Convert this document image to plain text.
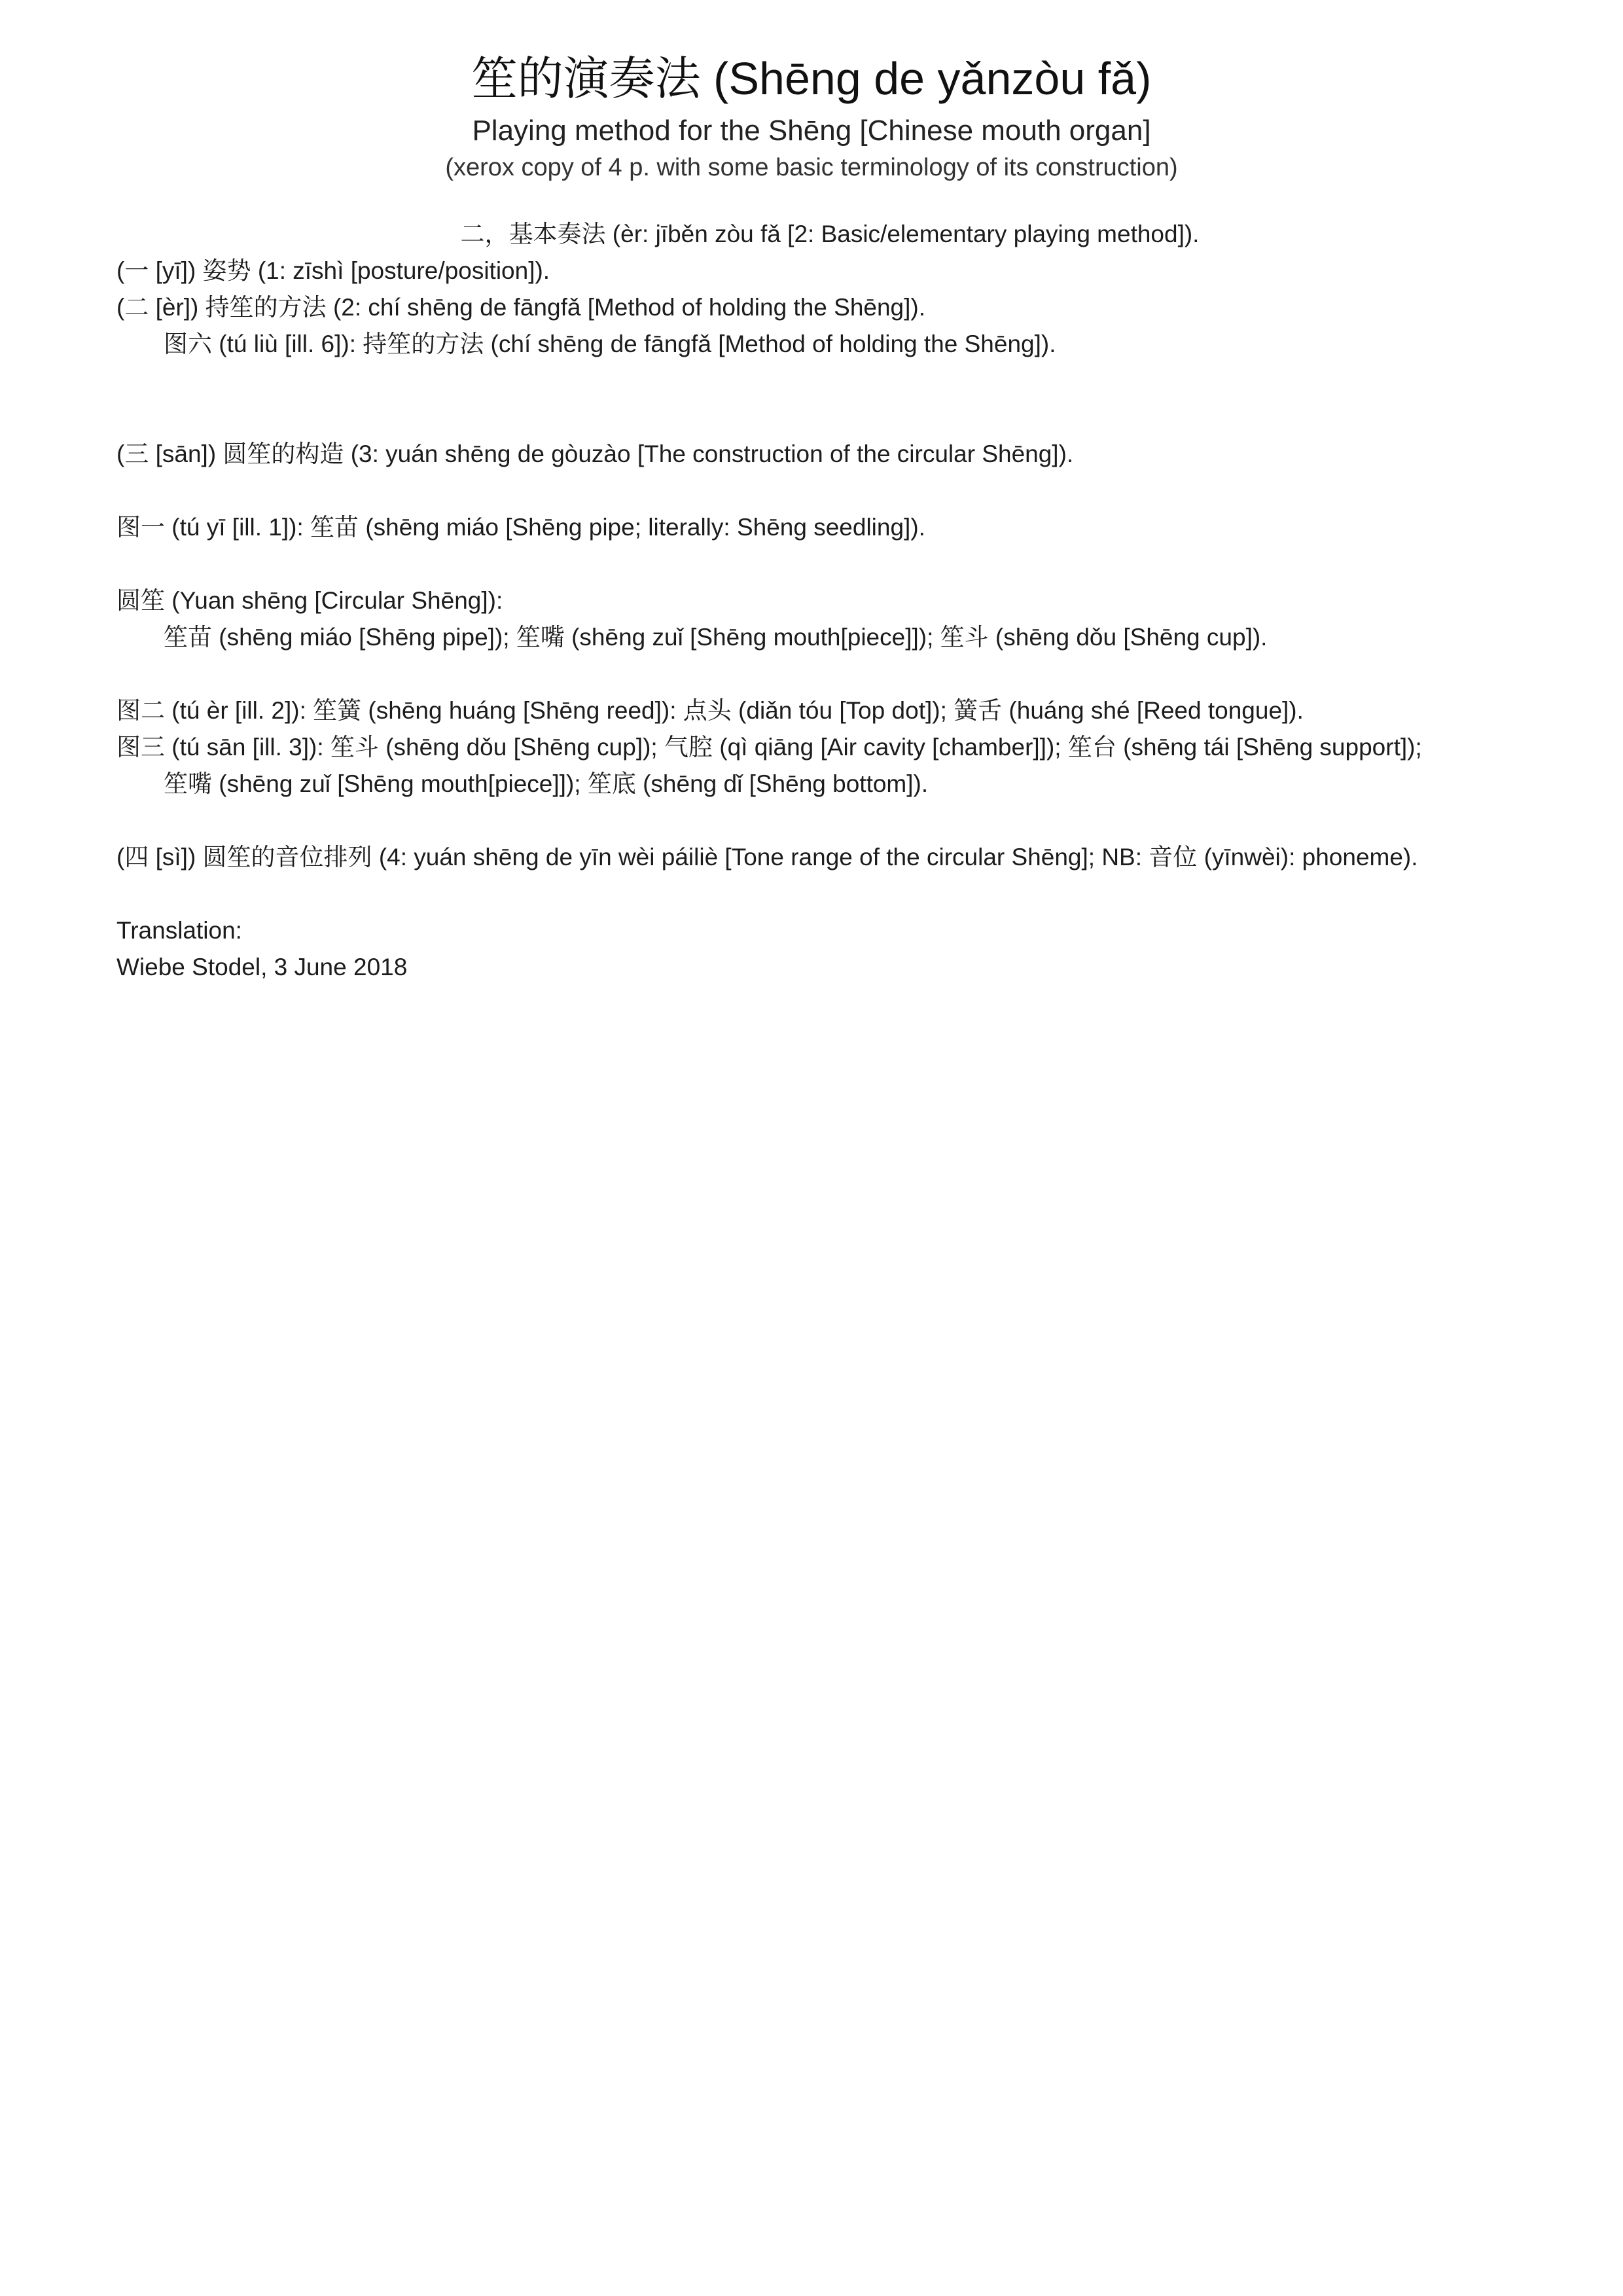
笙的演奏法 (Shēng de yǎnzòu fǎ)
Playing method for the Shēng [Chinese mouth organ]
(xerox copy of 4 p. with some basic terminology of its construction)
二，基本奏法 (èr: jīběn zòu fǎ [2: Basic/elementary playing method]).
(一 [yī]) 姿势 (1: zīshì [posture/position]).
(二 [èr]) 持笙的方法 (2: chí shēng de fāngfǎ [Method of holding the Shēng]).
图六 (tú liù [ill. 6]): 持笙的方法 (chí shēng de fāngfǎ [Method of holding the Shēng]).
(三 [sān]) 圆笙的构造 (3: yuán shēng de gòuzào [The construction of the circular Shēng]).
图一 (tú yī [ill. 1]): 笙苗 (shēng miáo [Shēng pipe; literally: Shēng seedling]).
圆笙 (Yuan shēng [Circular Shēng]):
笙苗 (shēng miáo [Shēng pipe]); 笙嘴 (shēng zuǐ [Shēng mouth[piece]]); 笙斗 (shēng dǒu [Shēng cup]).
图二 (tú èr [ill. 2]): 笙簧 (shēng huáng [Shēng reed]): 点头 (diǎn tóu [Top dot]); 簧舌 (huáng shé [Reed tongue]).
图三 (tú sān [ill. 3]): 笙斗 (shēng dǒu [Shēng cup]); 气腔 (qì qiāng [Air cavity [chamber]]); 笙台 (shēng tái [Shēng support]);
笙嘴 (shēng zuǐ [Shēng mouth[piece]]); 笙底 (shēng dǐ [Shēng bottom]).
(四 [sì]) 圆笙的音位排列 (4: yuán shēng de yīn wèi páiliè [Tone range of the circular Shēng]; NB: 音位 (yīnwèi): phoneme).
Translation:
Wiebe Stodel, 3 June 2018
